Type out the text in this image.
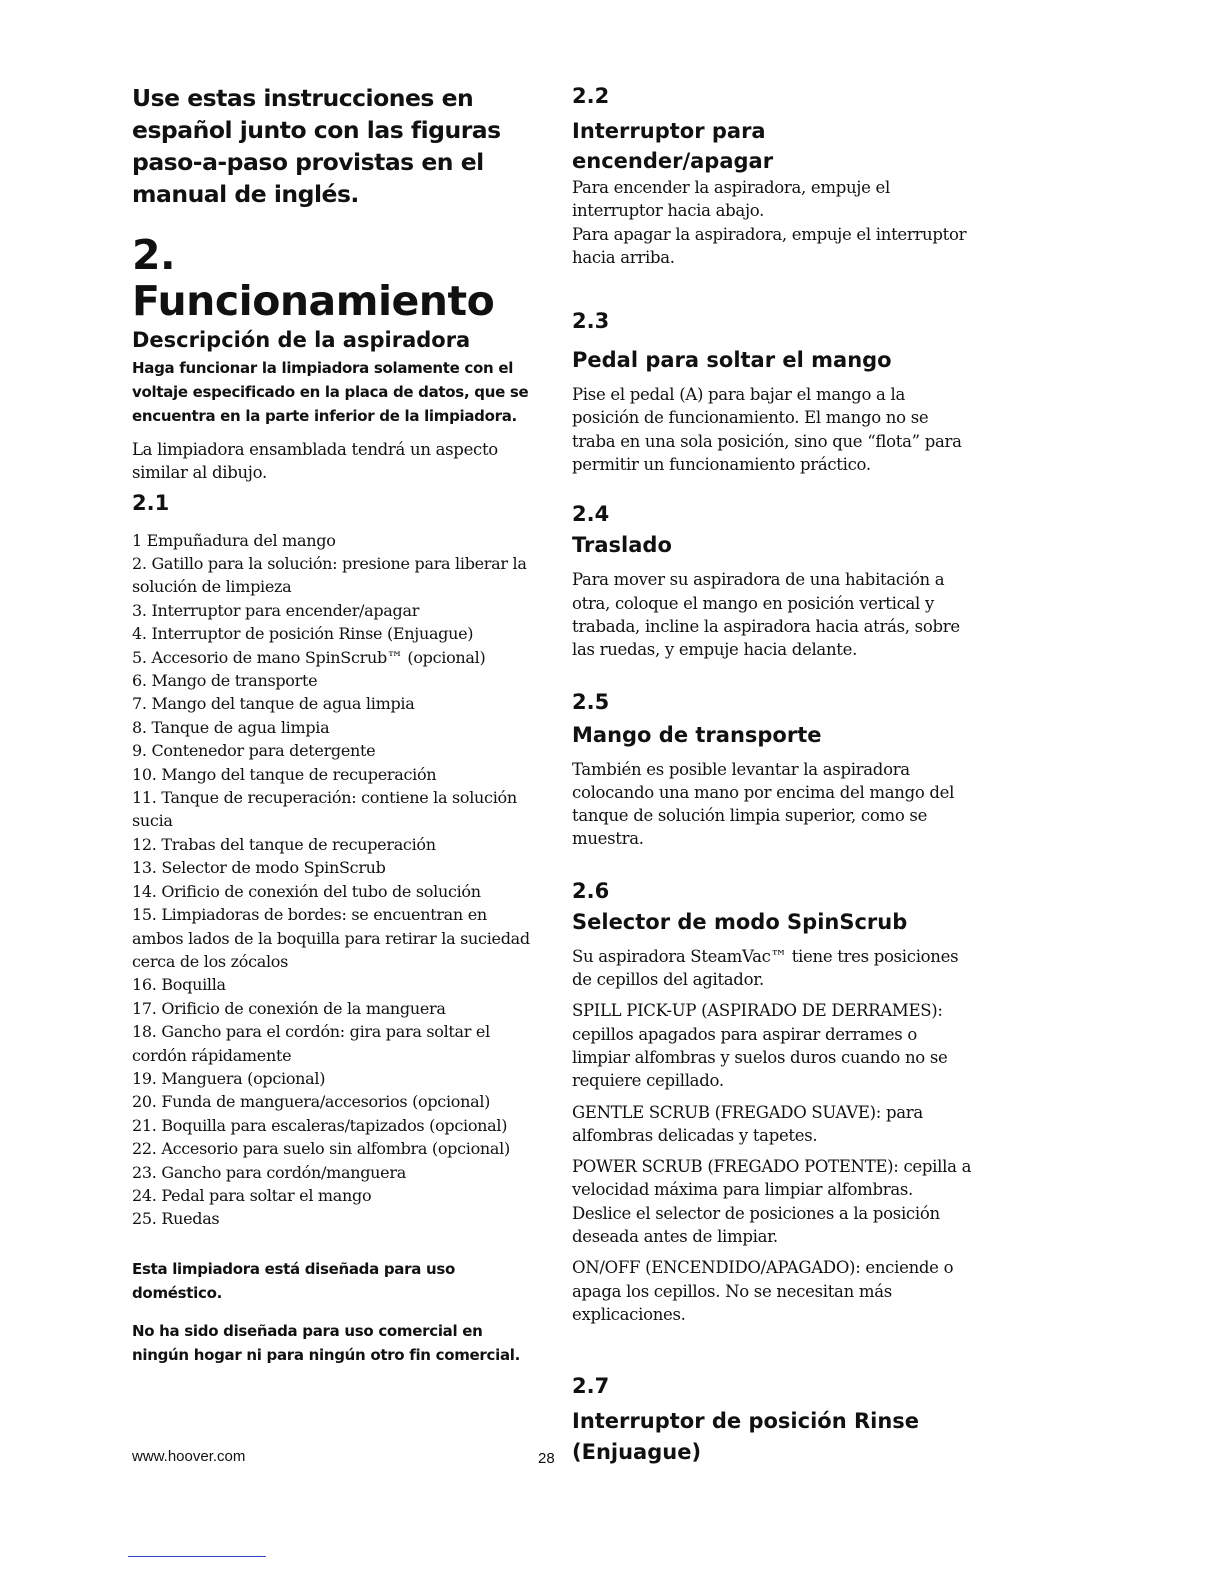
Use estas instrucciones en español junto con las figuras paso-a-paso provistas en el manual de inglés.

2. Funcionamiento
Descripción de la aspiradora

Haga funcionar la limpiadora solamente con el voltaje especificado en la placa de datos, que se encuentra en la parte inferior de la limpiadora.

La limpiadora ensamblada tendrá un aspecto similar al dibujo.

2.1

1 Empuñadura del mango
2. Gatillo para la solución: presione para liberar la solución de limpieza
3. Interruptor para encender/apagar
4. Interruptor de posición Rinse (Enjuague)
5. Accesorio de mano SpinScrub™ (opcional)
6. Mango de transporte
7. Mango del tanque de agua limpia
8. Tanque de agua limpia
9. Contenedor para detergente
10. Mango del tanque de recuperación
11. Tanque de recuperación: contiene la solución sucia
12. Trabas del tanque de recuperación
13. Selector de modo SpinScrub
14. Orificio de conexión del tubo de solución
15. Limpiadoras de bordes: se encuentran en ambos lados de la boquilla para retirar la suciedad cerca de los zócalos
16. Boquilla
17. Orificio de conexión de la manguera
18. Gancho para el cordón: gira para soltar el cordón rápidamente
19. Manguera (opcional)
20. Funda de manguera/accesorios (opcional)
21. Boquilla para escaleras/tapizados (opcional)
22. Accesorio para suelo sin alfombra (opcional)
23. Gancho para cordón/manguera
24. Pedal para soltar el mango
25. Ruedas

Esta limpiadora está diseñada para uso doméstico.

No ha sido diseñada para uso comercial en ningún hogar ni para ningún otro fin comercial.

2.2

Interruptor para encender/apagar

Para encender la aspiradora, empuje el interruptor hacia abajo.

Para apagar la aspiradora, empuje el interruptor hacia arriba.

2.3

Pedal para soltar el mango

Pise el pedal (A) para bajar el mango a la posición de funcionamiento. El mango no se traba en una sola posición, sino que “flota” para permitir un funcionamiento práctico.

2.4

Traslado

Para mover su aspiradora de una habitación a otra, coloque el mango en posición vertical y trabada, incline la aspiradora hacia atrás, sobre las ruedas, y empuje hacia delante.

2.5

Mango de transporte

También es posible levantar la aspiradora colocando una mano por encima del mango del tanque de solución limpia superior, como se muestra.

2.6

Selector de modo SpinScrub

Su aspiradora SteamVac™ tiene tres posiciones de cepillos del agitador.

SPILL PICK-UP (ASPIRADO DE DERRAMES): cepillos apagados para aspirar derrames o limpiar alfombras y suelos duros cuando no se requiere cepillado.

GENTLE SCRUB (FREGADO SUAVE): para alfombras delicadas y tapetes.

POWER SCRUB (FREGADO POTENTE): cepilla a velocidad máxima para limpiar alfombras. Deslice el selector de posiciones a la posición deseada antes de limpiar.

ON/OFF (ENCENDIDO/APAGADO): enciende o apaga los cepillos. No se necesitan más explicaciones.

2.7

Interruptor de posición Rinse (Enjuague)
www.hoover.com	28
